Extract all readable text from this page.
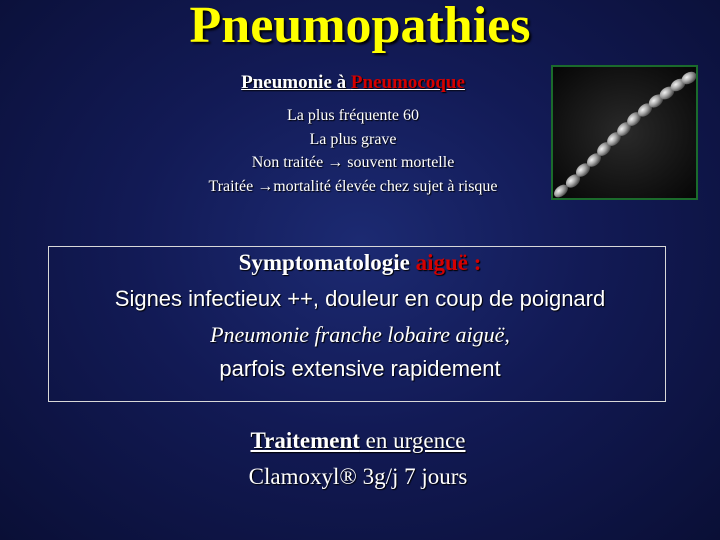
Pneumopathies
Pneumonie à Pneumocoque
La plus fréquente 60
La plus grave
Non traitée → souvent mortelle
Traitée →mortalité élevée chez sujet à risque
Symptomatologie aiguë :
Signes infectieux ++, douleur en coup de poignard
Pneumonie franche lobaire aiguë,
parfois extensive rapidement
Traitement en urgence
Clamoxyl® 3g/j 7 jours
